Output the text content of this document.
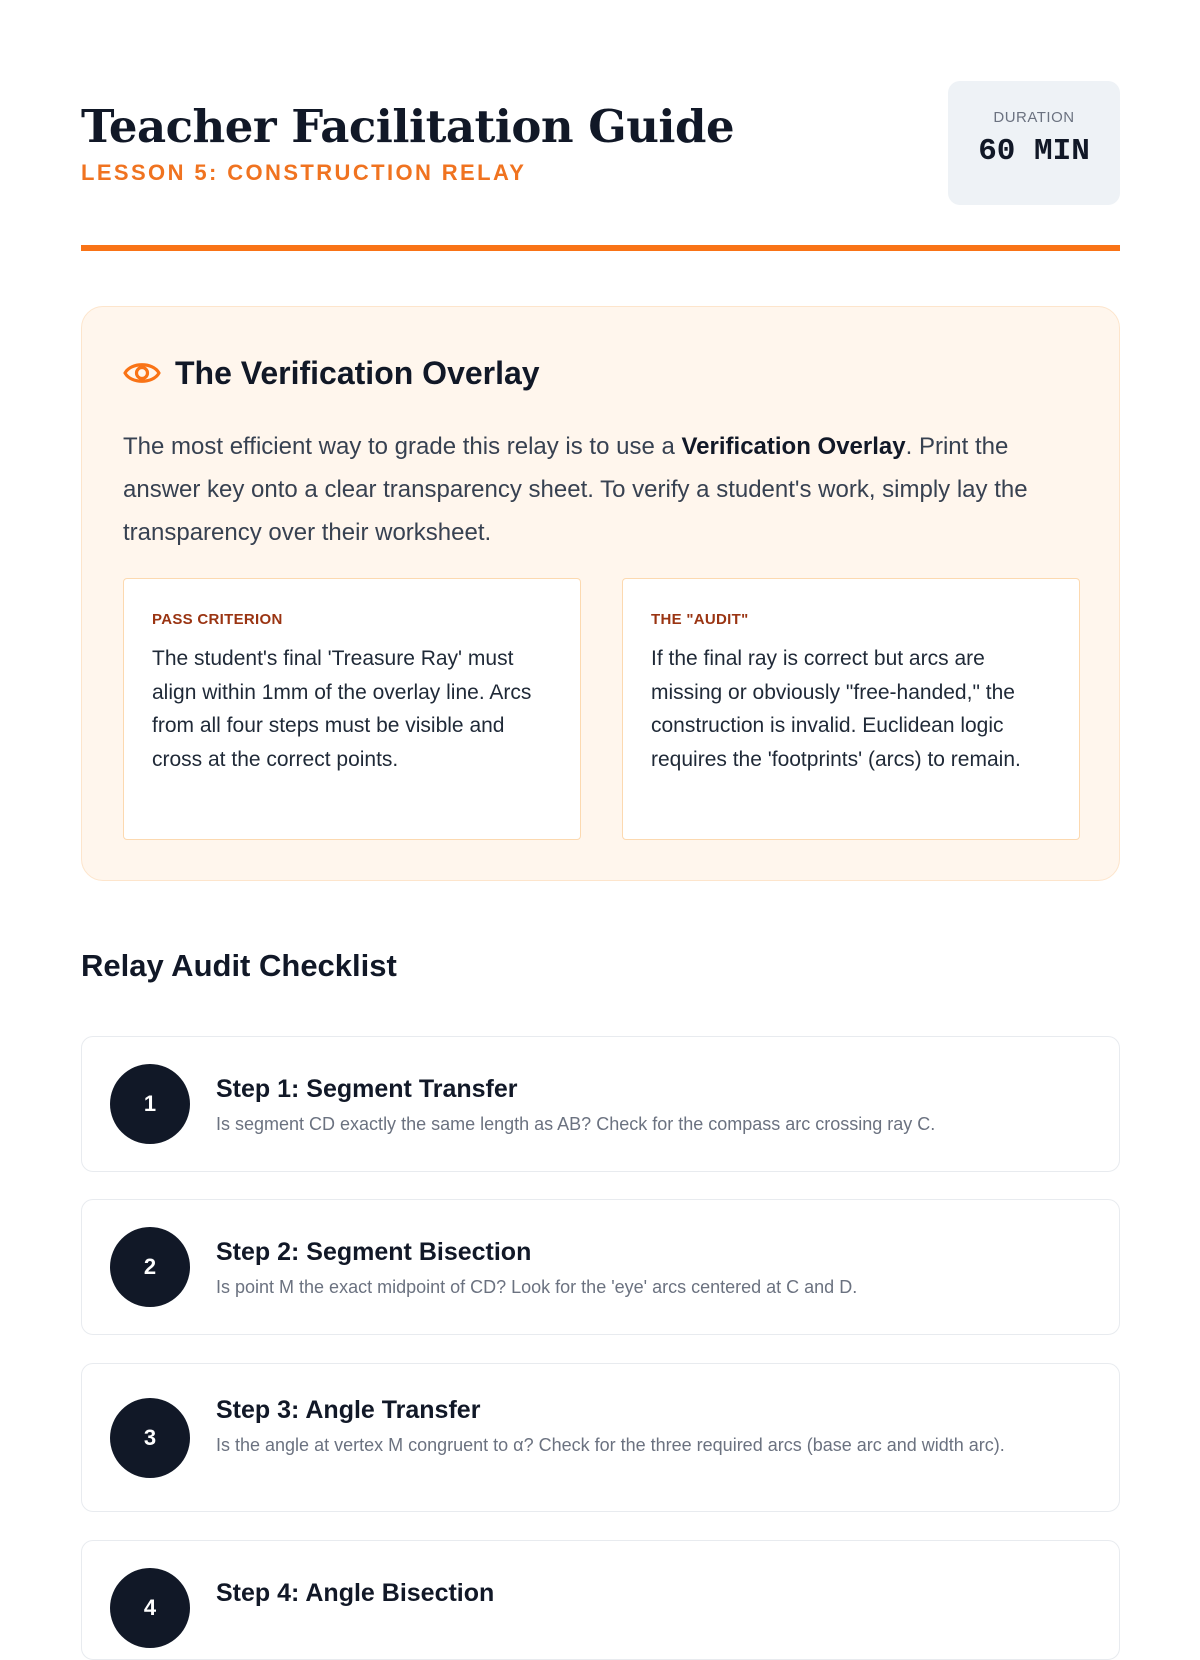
Teacher Facilitation Guide
LESSON 5: CONSTRUCTION RELAY
DURATION
60 MIN
The Verification Overlay

The most efficient way to grade this relay is to use a Verification Overlay. Print the answer key onto a clear transparency sheet. To verify a student's work, simply lay the transparency over their worksheet.

PASS CRITERION
The student's final 'Treasure Ray' must align within 1mm of the overlay line. Arcs from all four steps must be visible and cross at the correct points.
THE "AUDIT"
If the final ray is correct but arcs are missing or obviously "free-handed," the construction is invalid. Euclidean logic requires the 'footprints' (arcs) to remain.
Relay Audit Checklist
1
Step 1: Segment Transfer
Is segment CD exactly the same length as AB? Check for the compass arc crossing ray C.
2
Step 2: Segment Bisection
Is point M the exact midpoint of CD? Look for the 'eye' arcs centered at C and D.
3
Step 3: Angle Transfer
Is the angle at vertex M congruent to α? Check for the three required arcs (base arc and width arc).
4
Step 4: Angle Bisection
